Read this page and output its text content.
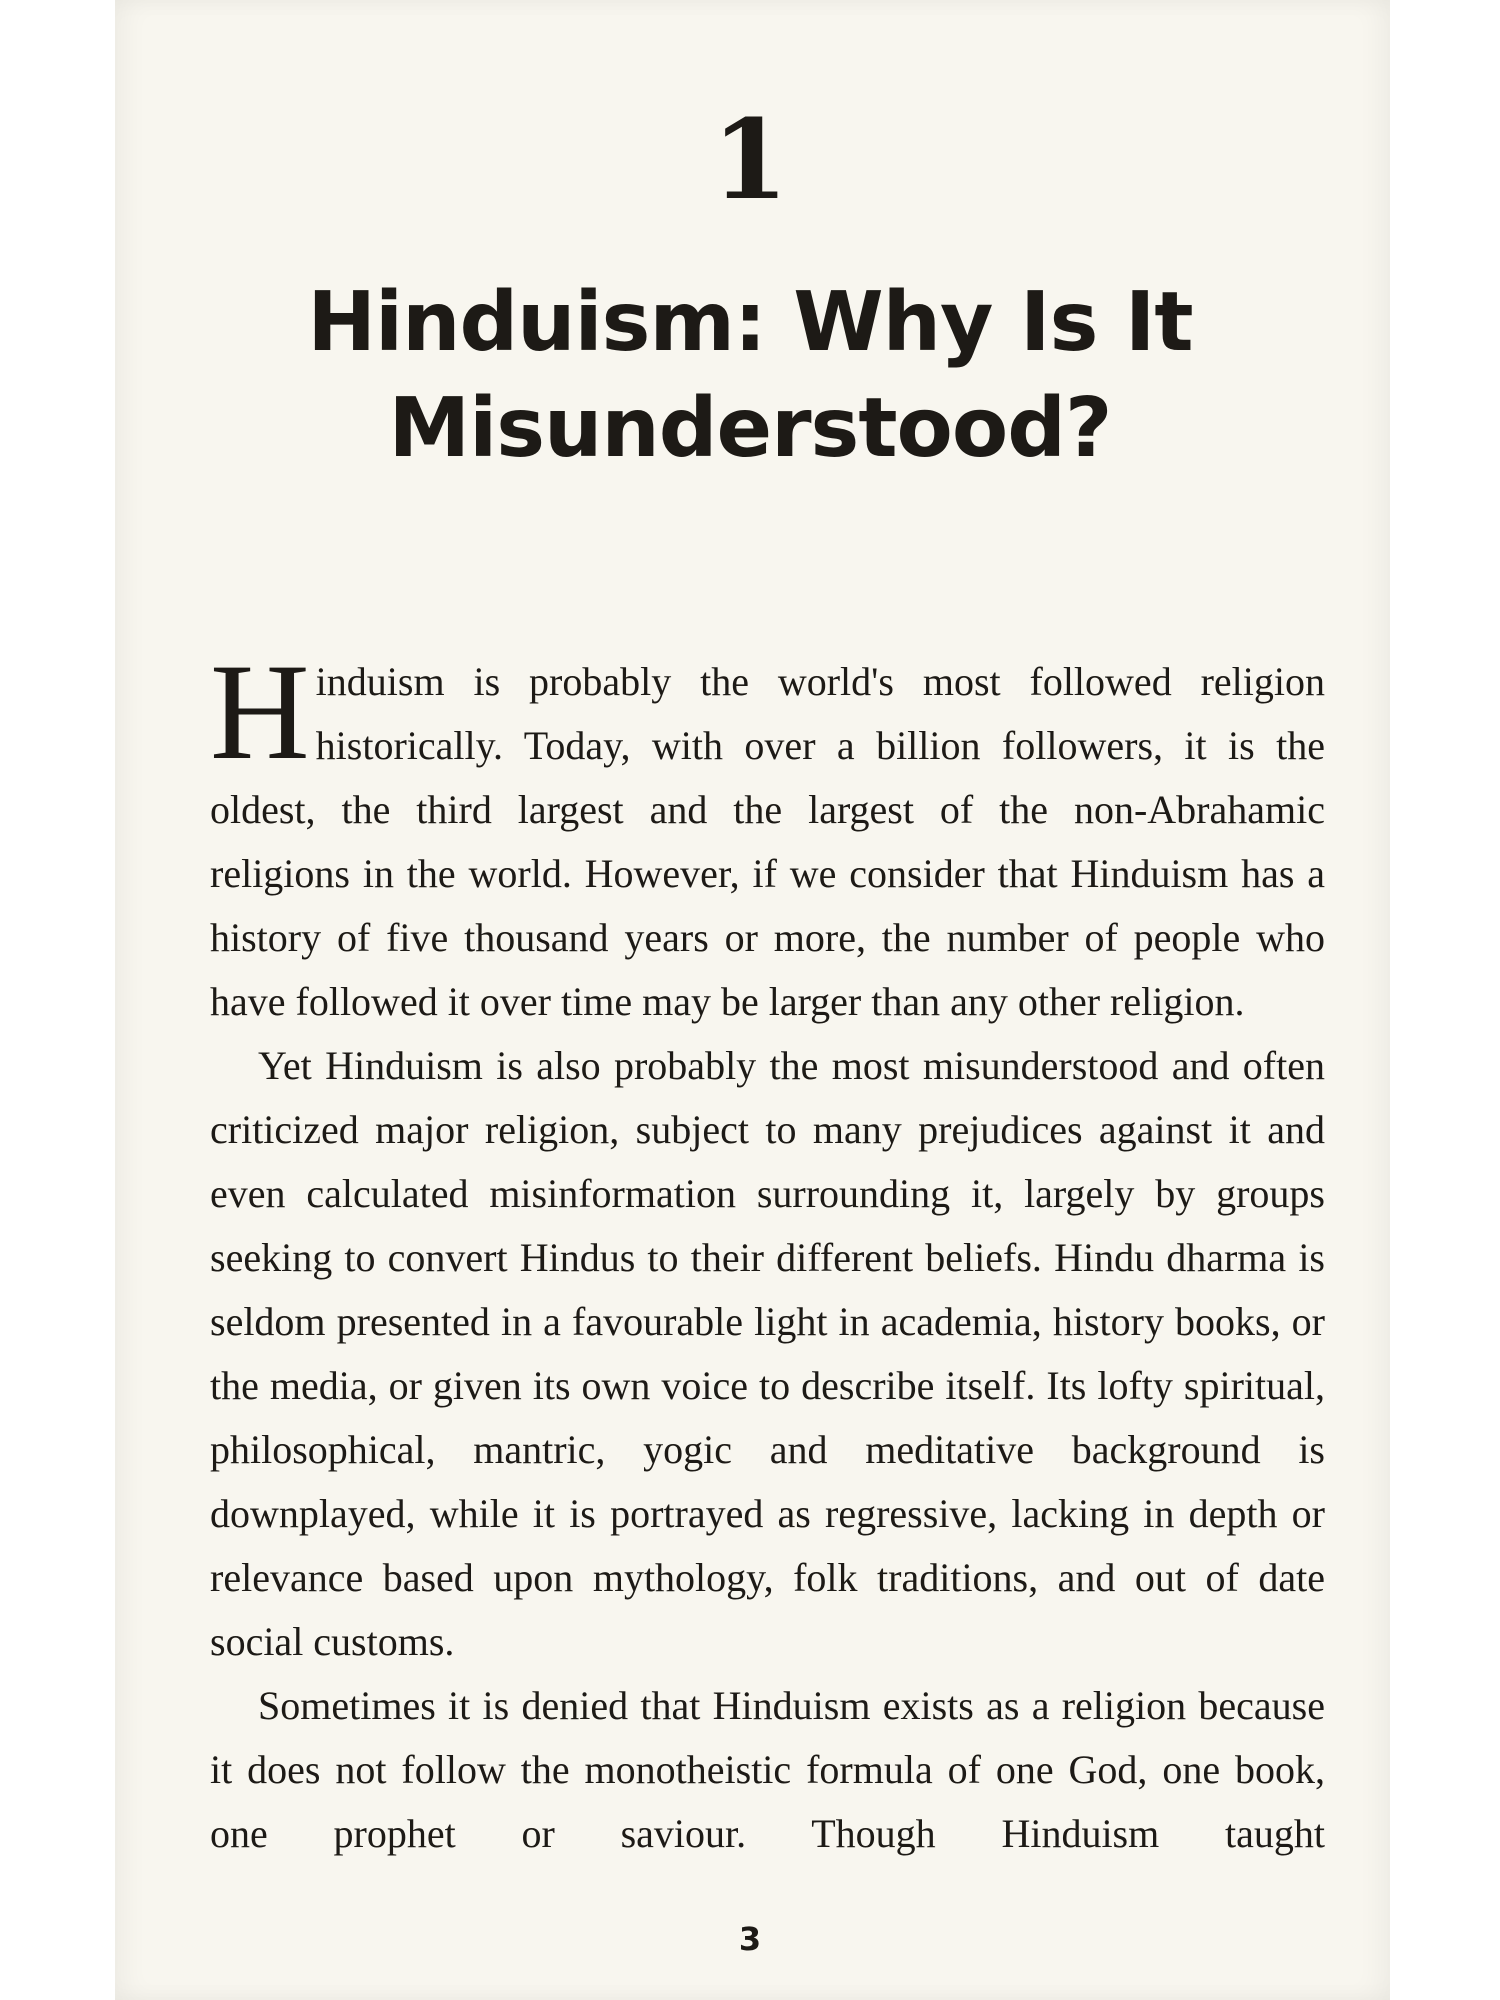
1
Hinduism: Why Is It
Misunderstood?

Hinduism is probably the world's most followed religion historically. Today, with over a billion followers, it is the oldest, the third largest and the largest of the non-Abrahamic religions in the world. However, if we consider that Hinduism has a history of five thousand years or more, the number of people who have followed it over time may be larger than any other religion.

Yet Hinduism is also probably the most misunderstood and often criticized major religion, subject to many prejudices against it and even calculated misinformation surrounding it, largely by groups seeking to convert Hindus to their different beliefs. Hindu dharma is seldom presented in a favourable light in academia, history books, or the media, or given its own voice to describe itself. Its lofty spiritual, philosophical, mantric, yogic and meditative background is downplayed, while it is portrayed as regressive, lacking in depth or relevance based upon mythology, folk traditions, and out of date social customs.

Sometimes it is denied that Hinduism exists as a religion because it does not follow the monotheistic formula of one God, one book, one prophet or saviour. Though Hinduism taught

3
